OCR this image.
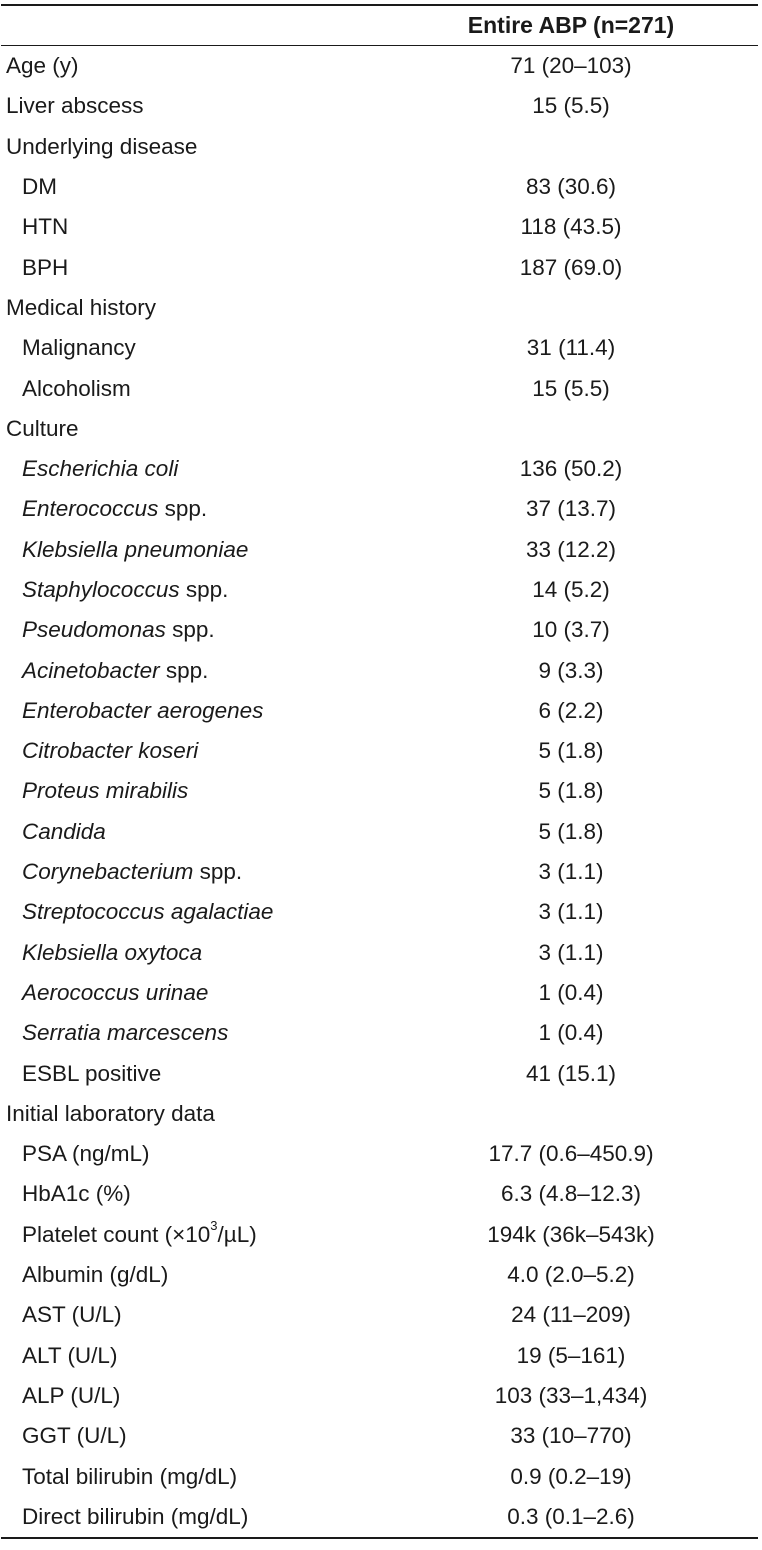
Entire ABP (n=271)
Age (y)	71 (20–103)
Liver abscess	15 (5.5)
Underlying disease
DM	83 (30.6)
HTN	118 (43.5)
BPH	187 (69.0)
Medical history
Malignancy	31 (11.4)
Alcoholism	15 (5.5)
Culture
Escherichia coli	136 (50.2)
Enterococcus spp.	37 (13.7)
Klebsiella pneumoniae	33 (12.2)
Staphylococcus spp.	14 (5.2)
Pseudomonas spp.	10 (3.7)
Acinetobacter spp.	9 (3.3)
Enterobacter aerogenes	6 (2.2)
Citrobacter koseri	5 (1.8)
Proteus mirabilis	5 (1.8)
Candida	5 (1.8)
Corynebacterium spp.	3 (1.1)
Streptococcus agalactiae	3 (1.1)
Klebsiella oxytoca	3 (1.1)
Aerococcus urinae	1 (0.4)
Serratia marcescens	1 (0.4)
ESBL positive	41 (15.1)
Initial laboratory data
PSA (ng/mL)	17.7 (0.6–450.9)
HbA1c (%)	6.3 (4.8–12.3)
Platelet count $(\times 10^3/\mu L)$	194k (36k–543k)
Albumin (g/dL)	4.0 (2.0–5.2)
AST (U/L)	24 (11–209)
ALT (U/L)	19 (5–161)
ALP (U/L)	103 (33–1,434)
GGT (U/L)	33 (10–770)
Total bilirubin (mg/dL)	0.9 (0.2–19)
Direct bilirubin (mg/dL)	0.3 (0.1–2.6)
